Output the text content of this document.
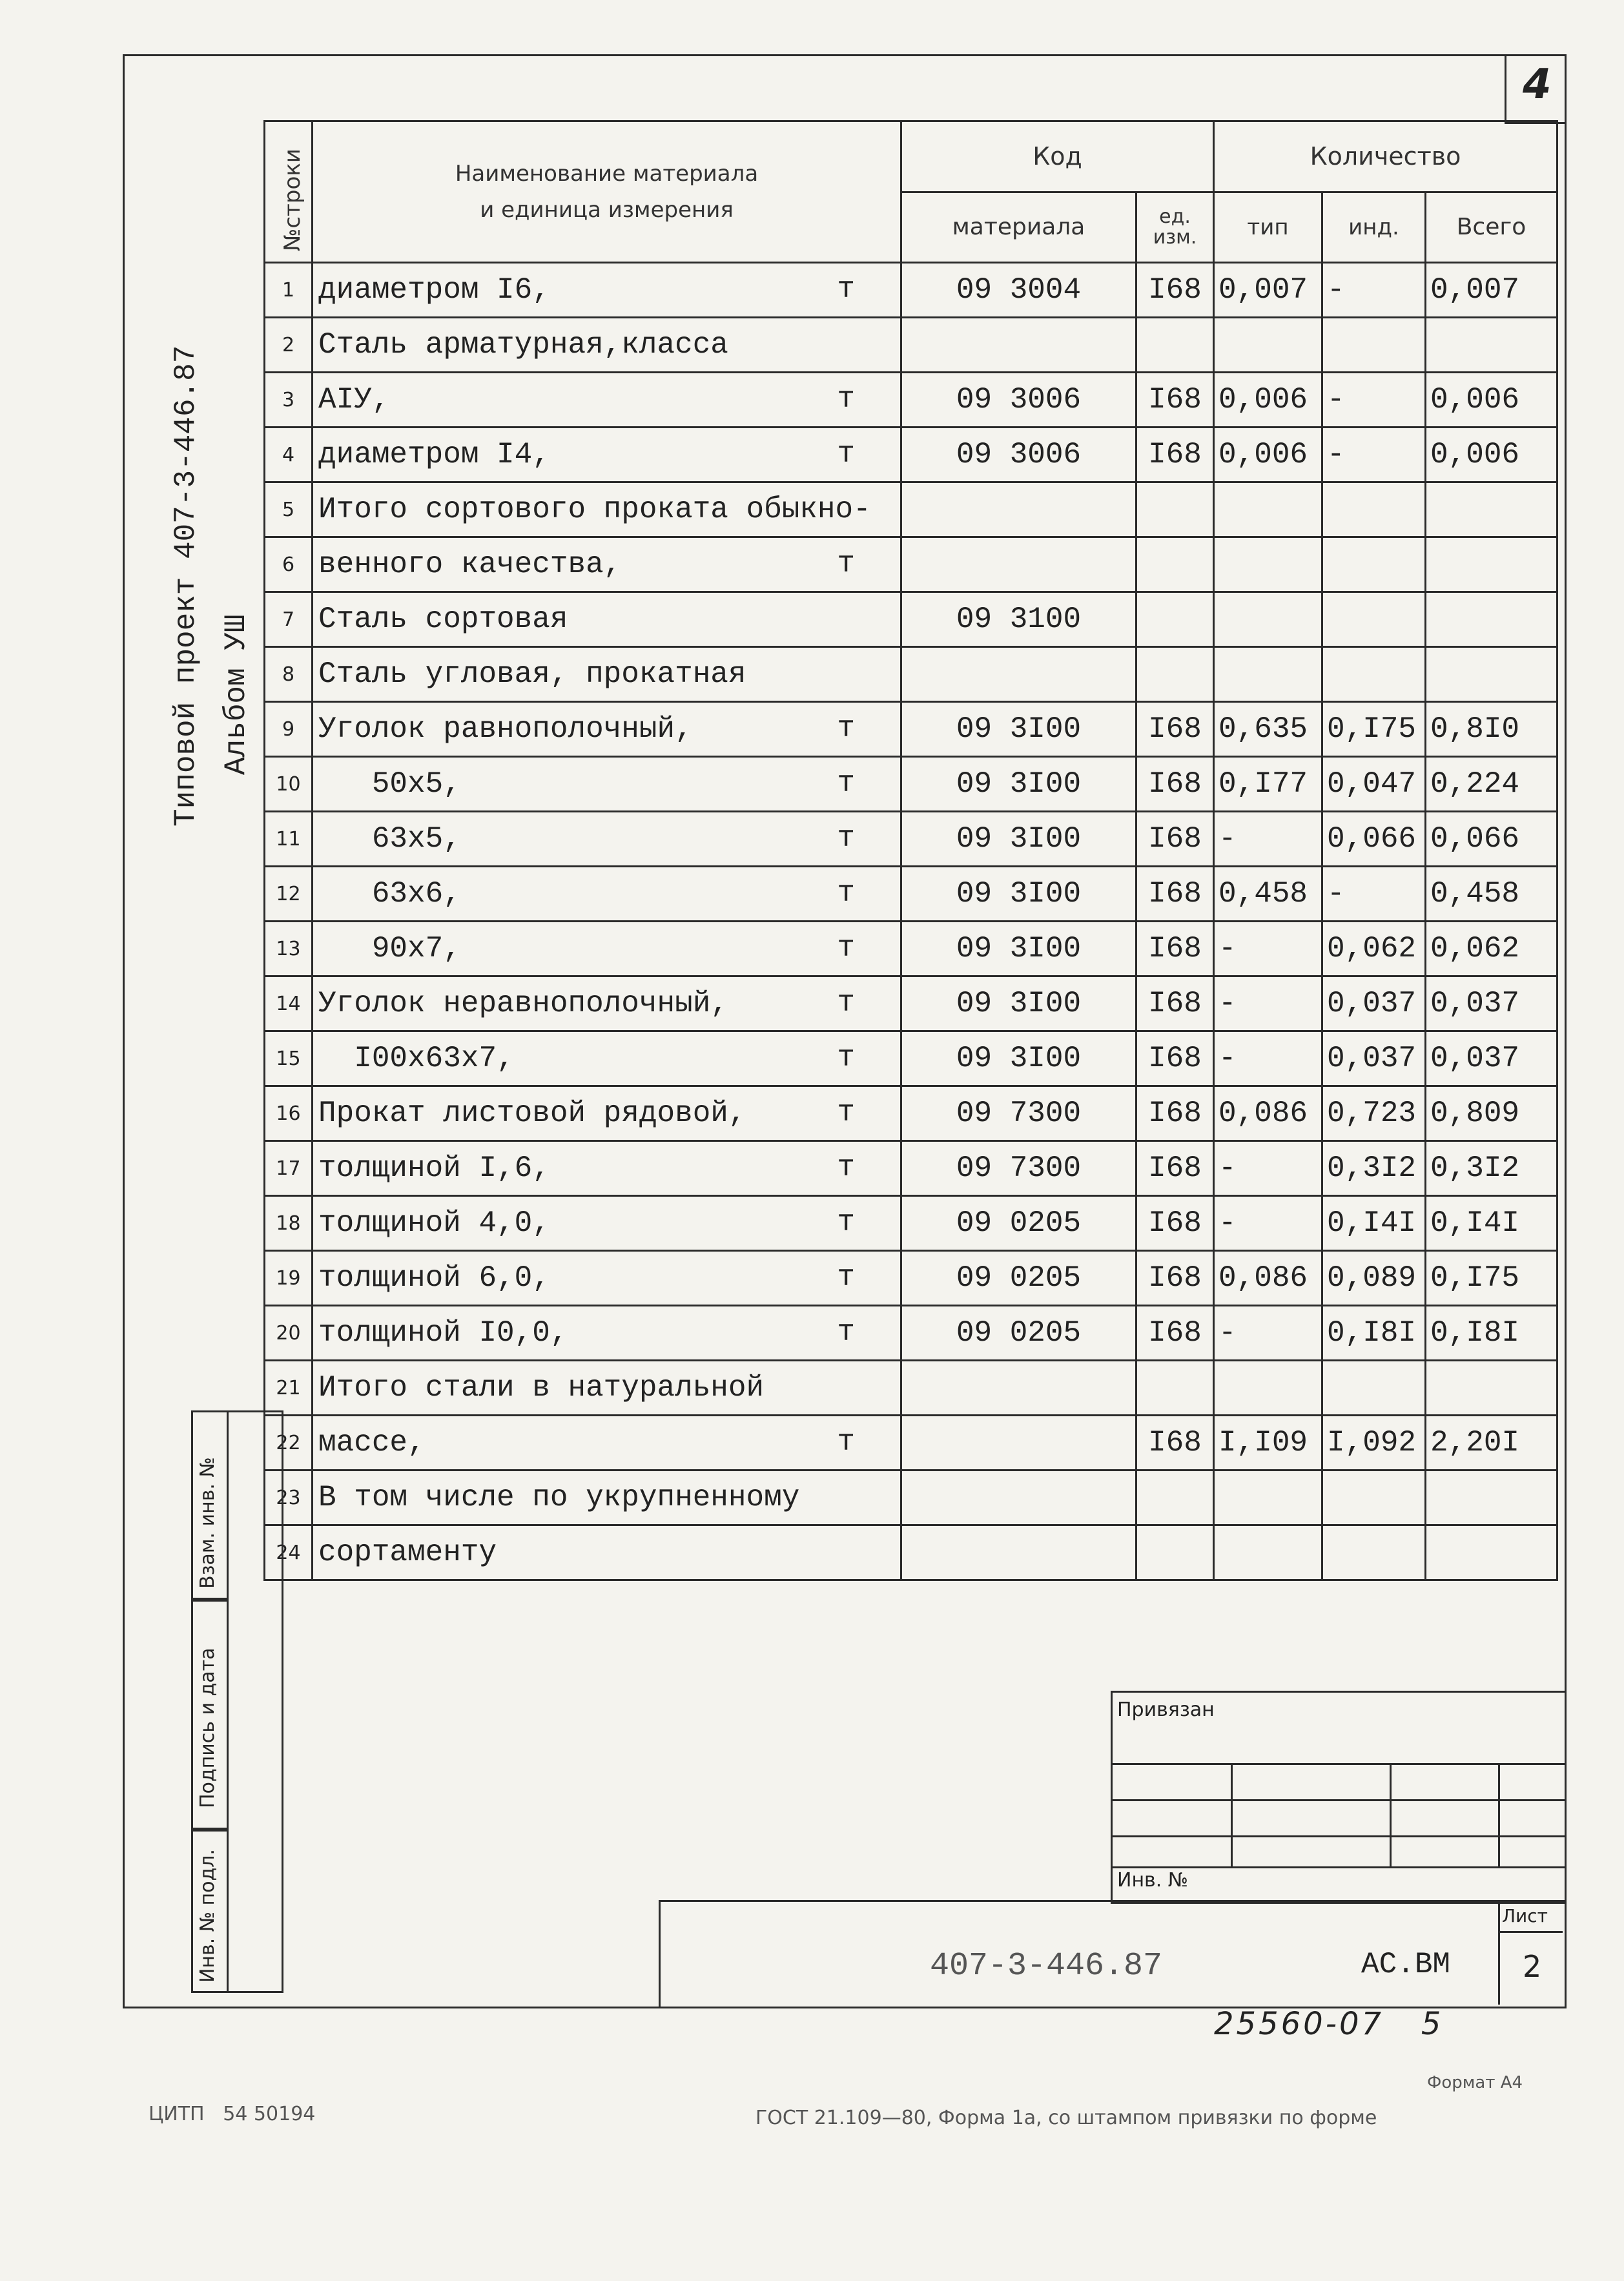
4
Типовой проект 407-3-446.87 Альбом УШ
№строки	Наименование материала
и единица измерения	Код		Количество		
		материала	ед. изм.	тип	инд.	Всего
1	диаметром I6, т	09 3004	I68	0,007	-	0,007
2	Сталь арматурная,класса

3	АIУ, т	09 3006	I68	0,006	-	0,006
4	диаметром I4, т	09 3006	I68	0,006	-	0,006
5	Итого сортового проката обыкно-

6	венного качества, т					

7	Сталь сортовая	09 3100				
8	Сталь угловая, прокатная

9	Уголок равнополочный, т	09 3I00	I68	0,635	0,I75	0,8I0
10	50х5, т	09 3I00	I68	0,I77	0,047	0,224
11	63х5, т	09 3I00	I68	-	0,066	0,066
12	63х6, т	09 3I00	I68	0,458	-	0,458
13	90х7, т	09 3I00	I68	-	0,062	0,062
14	Уголок неравнополочный, т	09 3I00	I68	-	0,037	0,037
15	I00х63х7, т	09 3I00	I68	-	0,037	0,037
16	Прокат листовой рядовой, т	09 7300	I68	0,086	0,723	0,809
17	толщиной I,6, т	09 7300	I68	-	0,3I2	0,3I2
18	толщиной 4,0, т	09 0205	I68	-	0,I4I	0,I4I
19	толщиной 6,0, т	09 0205	I68	0,086	0,089	0,I75
20	толщиной I0,0, т	09 0205	I68	-	0,I8I	0,I8I
21	Итого стали в натуральной

22	массе, т		I68	I,I09	I,092	2,20I
23	В том числе по укрупненному

24	сортаменту

Взам. инв. №
Подпись и дата
Инв. № подл.
Привязан
Инв. №
407-3-446.87	АС.ВМ
Лист
2
25560-07   5
ЦИТП   54 50194	ГОСТ 21.109—80, Форма 1а, со штампом привязки по форме
Формат А4
